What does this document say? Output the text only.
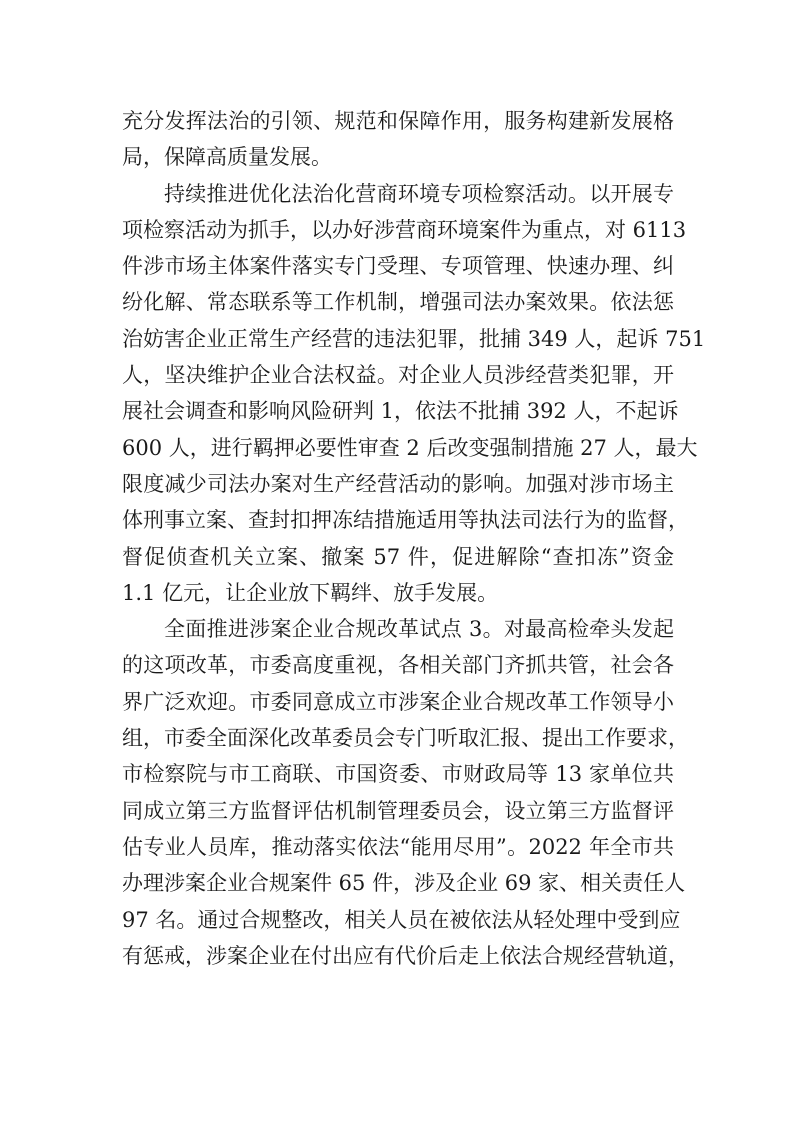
充分发挥法治的引领、规范和保障作用，服务构建新发展格
局，保障高质量发展。
持续推进优化法治化营商环境专项检察活动。以开展专
项检察活动为抓手，以办好涉营商环境案件为重点，对 6113
件涉市场主体案件落实专门受理、专项管理、快速办理、纠
纷化解、常态联系等工作机制，增强司法办案效果。依法惩
治妨害企业正常生产经营的违法犯罪，批捕 349 人，起诉 751
人，坚决维护企业合法权益。对企业人员涉经营类犯罪，开
展社会调查和影响风险研判 1，依法不批捕 392 人，不起诉
600 人，进行羁押必要性审查 2 后改变强制措施 27 人，最大
限度减少司法办案对生产经营活动的影响。加强对涉市场主
体刑事立案、查封扣押冻结措施适用等执法司法行为的监督，
督促侦查机关立案、撤案 57 件，促进解除“查扣冻”资金
1.1 亿元，让企业放下羁绊、放手发展。
全面推进涉案企业合规改革试点 3。对最高检牵头发起
的这项改革，市委高度重视，各相关部门齐抓共管，社会各
界广泛欢迎。市委同意成立市涉案企业合规改革工作领导小
组，市委全面深化改革委员会专门听取汇报、提出工作要求，
市检察院与市工商联、市国资委、市财政局等 13 家单位共
同成立第三方监督评估机制管理委员会，设立第三方监督评
估专业人员库，推动落实依法“能用尽用”。2022 年全市共
办理涉案企业合规案件 65 件，涉及企业 69 家、相关责任人
97 名。通过合规整改，相关人员在被依法从轻处理中受到应
有惩戒，涉案企业在付出应有代价后走上依法合规经营轨道，
